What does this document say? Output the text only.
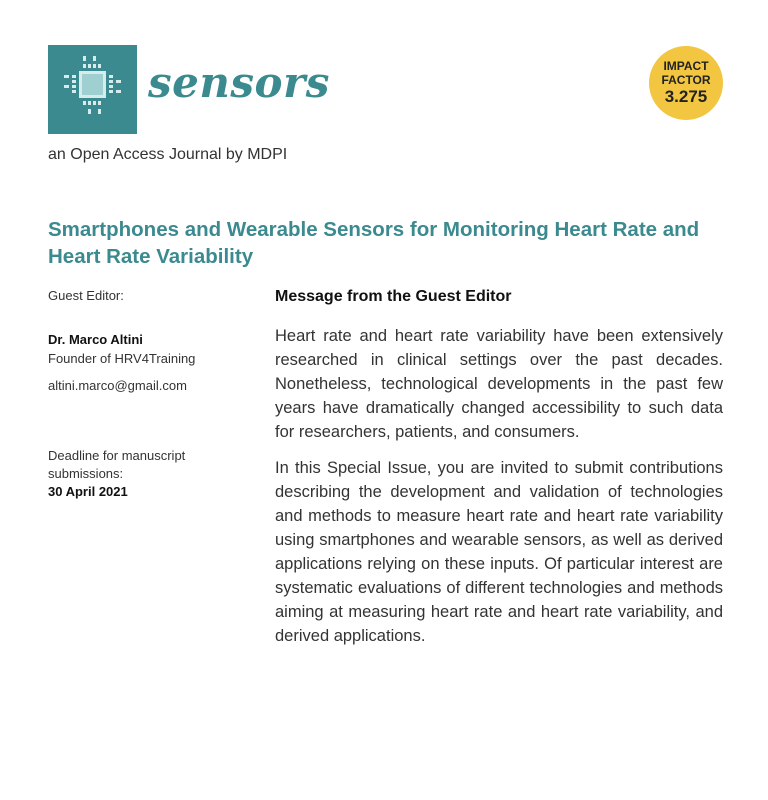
sensors
an Open Access Journal by MDPI
IMPACT
FACTOR
3.275
Smartphones and Wearable Sensors for Monitoring Heart Rate and Heart Rate Variability

Guest Editor:

Dr. Marco Altini

Founder of HRV4Training

altini.marco@gmail.com

Deadline for manuscript submissions:

30 April 2021

Message from the Guest Editor

Heart rate and heart rate variability have been extensively researched in clinical settings over the past decades. Nonetheless, technological developments in the past few years have dramatically changed accessibility to such data for researchers, patients, and consumers.

In this Special Issue, you are invited to submit contributions describing the development and validation of technologies and methods to measure heart rate and heart rate variability using smartphones and wearable sensors, as well as derived applications relying on these inputs. Of particular interest are systematic evaluations of different technologies and methods aiming at measuring heart rate and heart rate variability, and derived applications.
